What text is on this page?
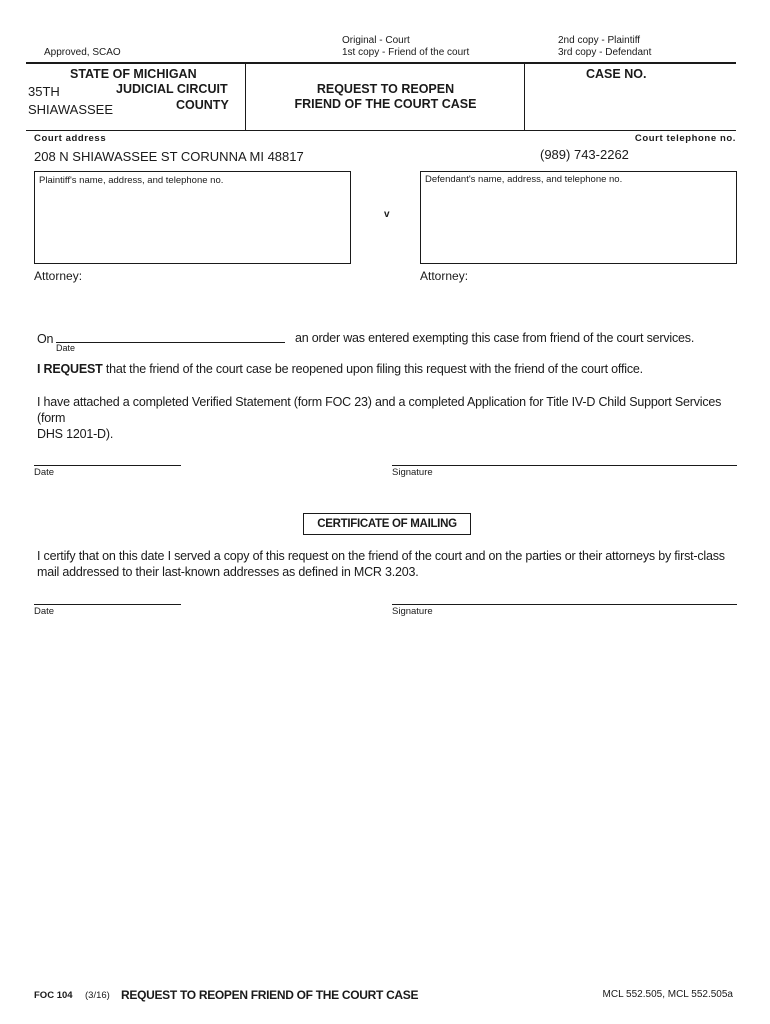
Approved, SCAO
Original - Court
1st copy - Friend of the court
2nd copy - Plaintiff
3rd copy - Defendant
STATE OF MICHIGAN
35TH	JUDICIAL CIRCUIT
COUNTY
SHIAWASSEE
REQUEST TO REOPEN
FRIEND OF THE COURT CASE
CASE NO.
Court address	Court telephone no.
208 N SHIAWASSEE ST CORUNNA MI 48817	(989) 743-2262
Plaintiff's name, address, and telephone no.
v
Defendant's name, address, and telephone no.
Attorney:	Attorney:
On
Date
an order was entered exempting this case from friend of the court services.
I REQUEST that the friend of the court case be reopened upon filing this request with the friend of the court office.
I have attached a completed Verified Statement (form FOC 23) and a completed Application for Title IV-D Child Support Services (form
DHS 1201-D).
Date	Signature
CERTIFICATE OF MAILING
I certify that on this date I served a copy of this request on the friend of the court and on the parties or their attorneys by first-class
mail addressed to their last-known addresses as defined in MCR 3.203.
Date	Signature
FOC 104 (3/16) REQUEST TO REOPEN FRIEND OF THE COURT CASE	MCL 552.505, MCL 552.505a
